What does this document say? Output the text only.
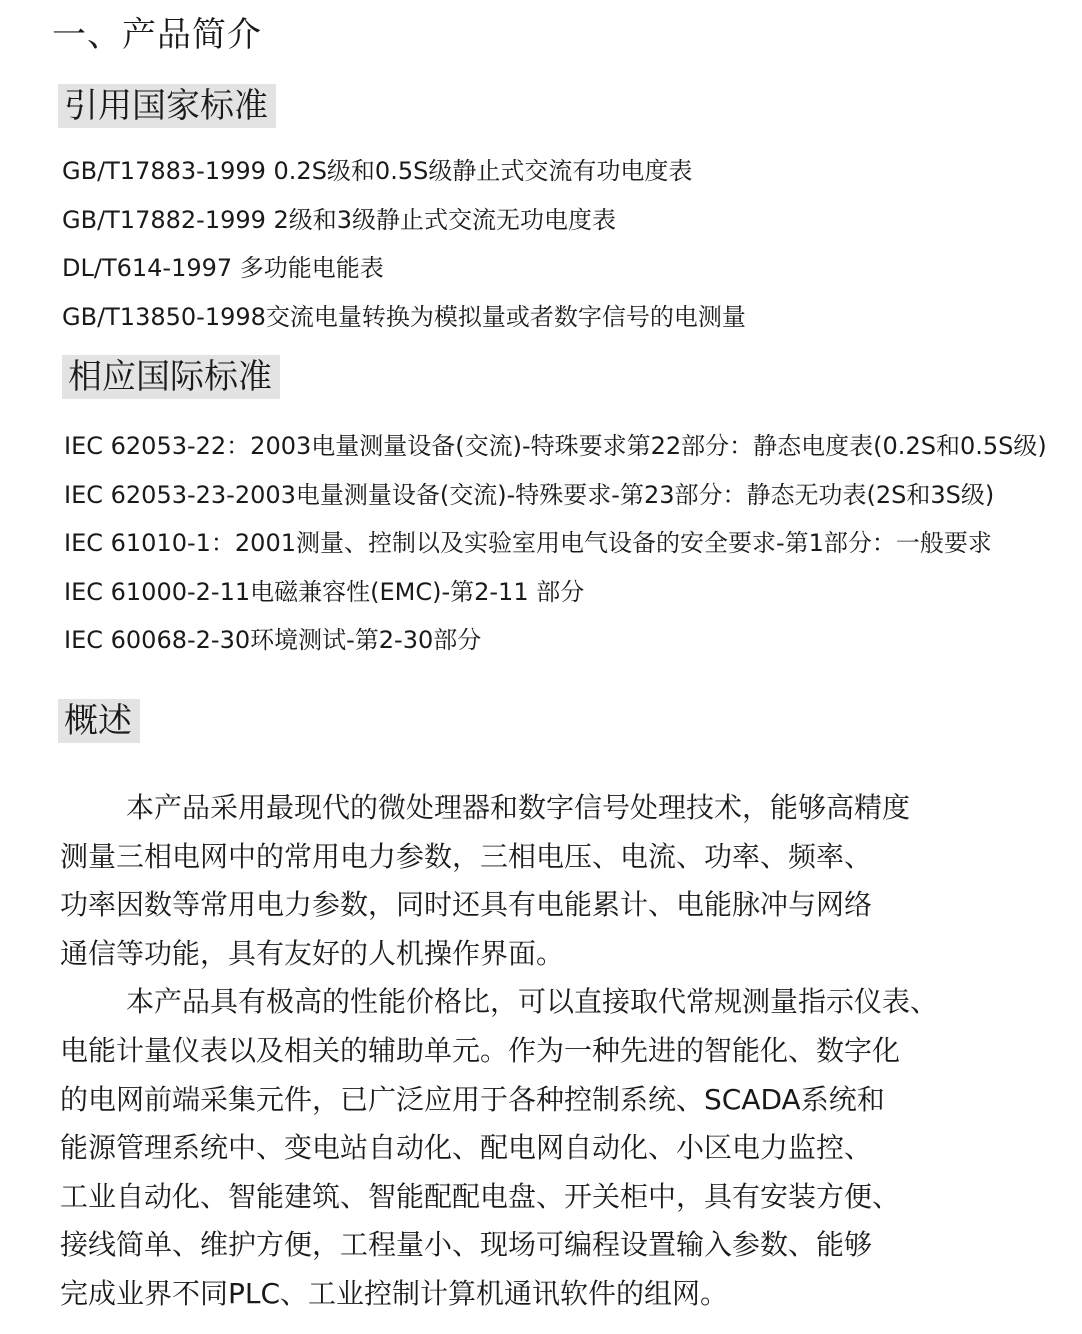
一、产品简介
引用国家标准
GB/T17883-1999 0.2S级和0.5S级静止式交流有功电度表
GB/T17882-1999 2级和3级静止式交流无功电度表
DL/T614-1997 多功能电能表
GB/T13850-1998交流电量转换为模拟量或者数字信号的电测量
相应国际标准
IEC 62053-22：2003电量测量设备(交流)-特珠要求第22部分：静态电度表(0.2S和0.5S级)
IEC 62053-23-2003电量测量设备(交流)-特殊要求-第23部分：静态无功表(2S和3S级)
IEC 61010-1：2001测量、控制以及实验室用电气设备的安全要求-第1部分：一般要求
IEC 61000-2-11电磁兼容性(EMC)-第2-11 部分
IEC 60068-2-30环境测试-第2-30部分
概述
本产品采用最现代的微处理器和数字信号处理技术，能够高精度
测量三相电网中的常用电力参数，三相电压、电流、功率、频率、
功率因数等常用电力参数，同时还具有电能累计、电能脉冲与网络
通信等功能，具有友好的人机操作界面。
本产品具有极高的性能价格比，可以直接取代常规测量指示仪表、
电能计量仪表以及相关的辅助单元。作为一种先进的智能化、数字化
的电网前端采集元件，已广泛应用于各种控制系统、SCADA系统和
能源管理系统中、变电站自动化、配电网自动化、小区电力监控、
工业自动化、智能建筑、智能配配电盘、开关柜中，具有安装方便、
接线简单、维护方便，工程量小、现场可编程设置输入参数、能够
完成业界不同PLC、工业控制计算机通讯软件的组网。
